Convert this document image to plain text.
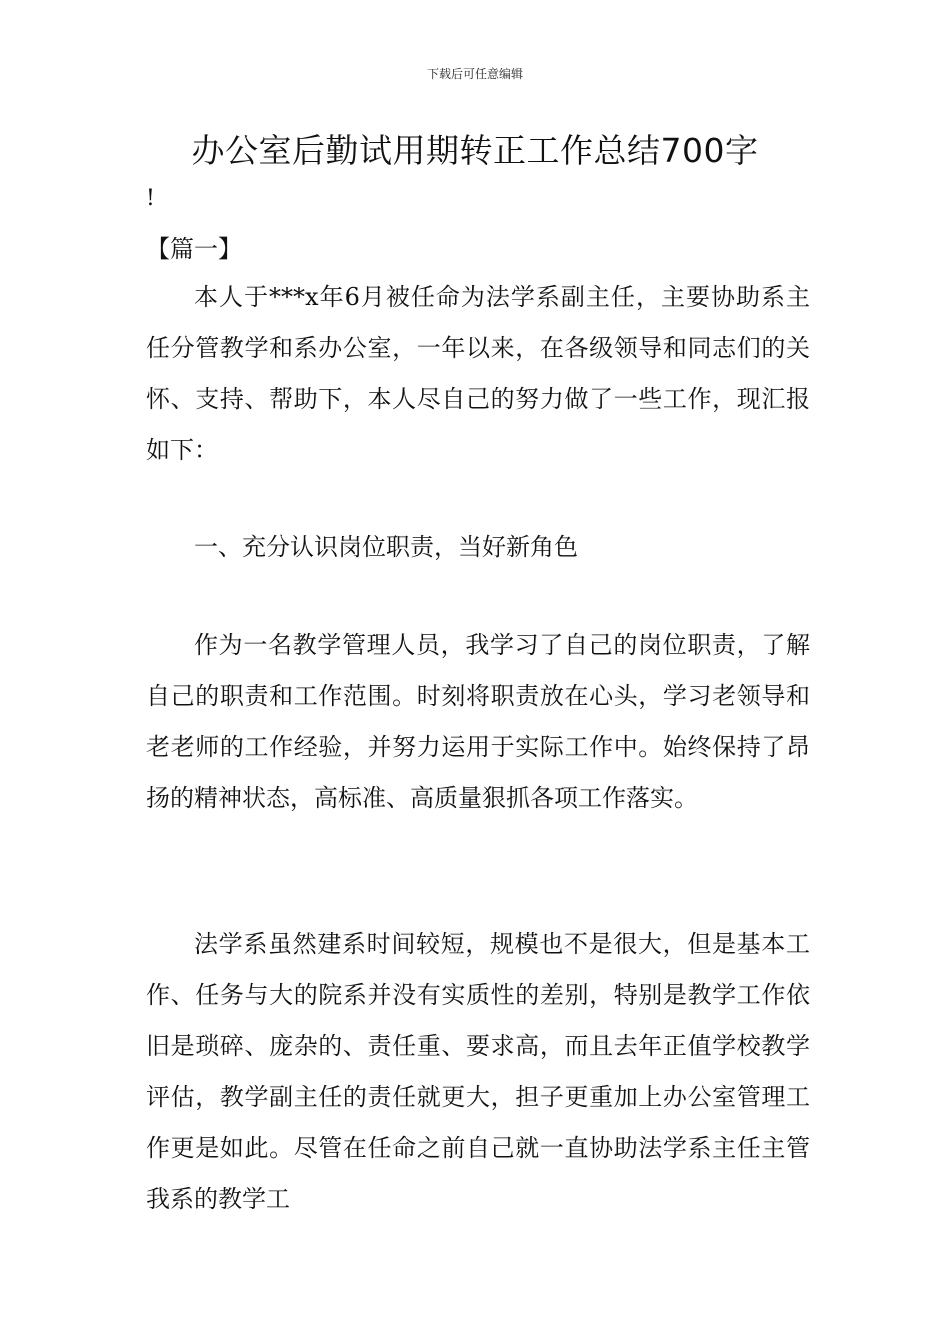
下载后可任意编辑
办公室后勤试用期转正工作总结700字
!
【篇一】

本人于***x年6月被任命为法学系副主任，主要协助系主任分管教学和系办公室，一年以来，在各级领导和同志们的关怀、支持、帮助下，本人尽自己的努力做了一些工作，现汇报如下：

一、充分认识岗位职责，当好新角色

作为一名教学管理人员，我学习了自己的岗位职责，了解自己的职责和工作范围。时刻将职责放在心头，学习老领导和老老师的工作经验，并努力运用于实际工作中。始终保持了昂扬的精神状态，高标准、高质量狠抓各项工作落实。

法学系虽然建系时间较短，规模也不是很大，但是基本工作、任务与大的院系并没有实质性的差别，特别是教学工作依旧是琐碎、庞杂的、责任重、要求高，而且去年正值学校教学评估，教学副主任的责任就更大，担子更重加上办公室管理工作更是如此。尽管在任命之前自己就一直协助法学系主任主管我系的教学工
